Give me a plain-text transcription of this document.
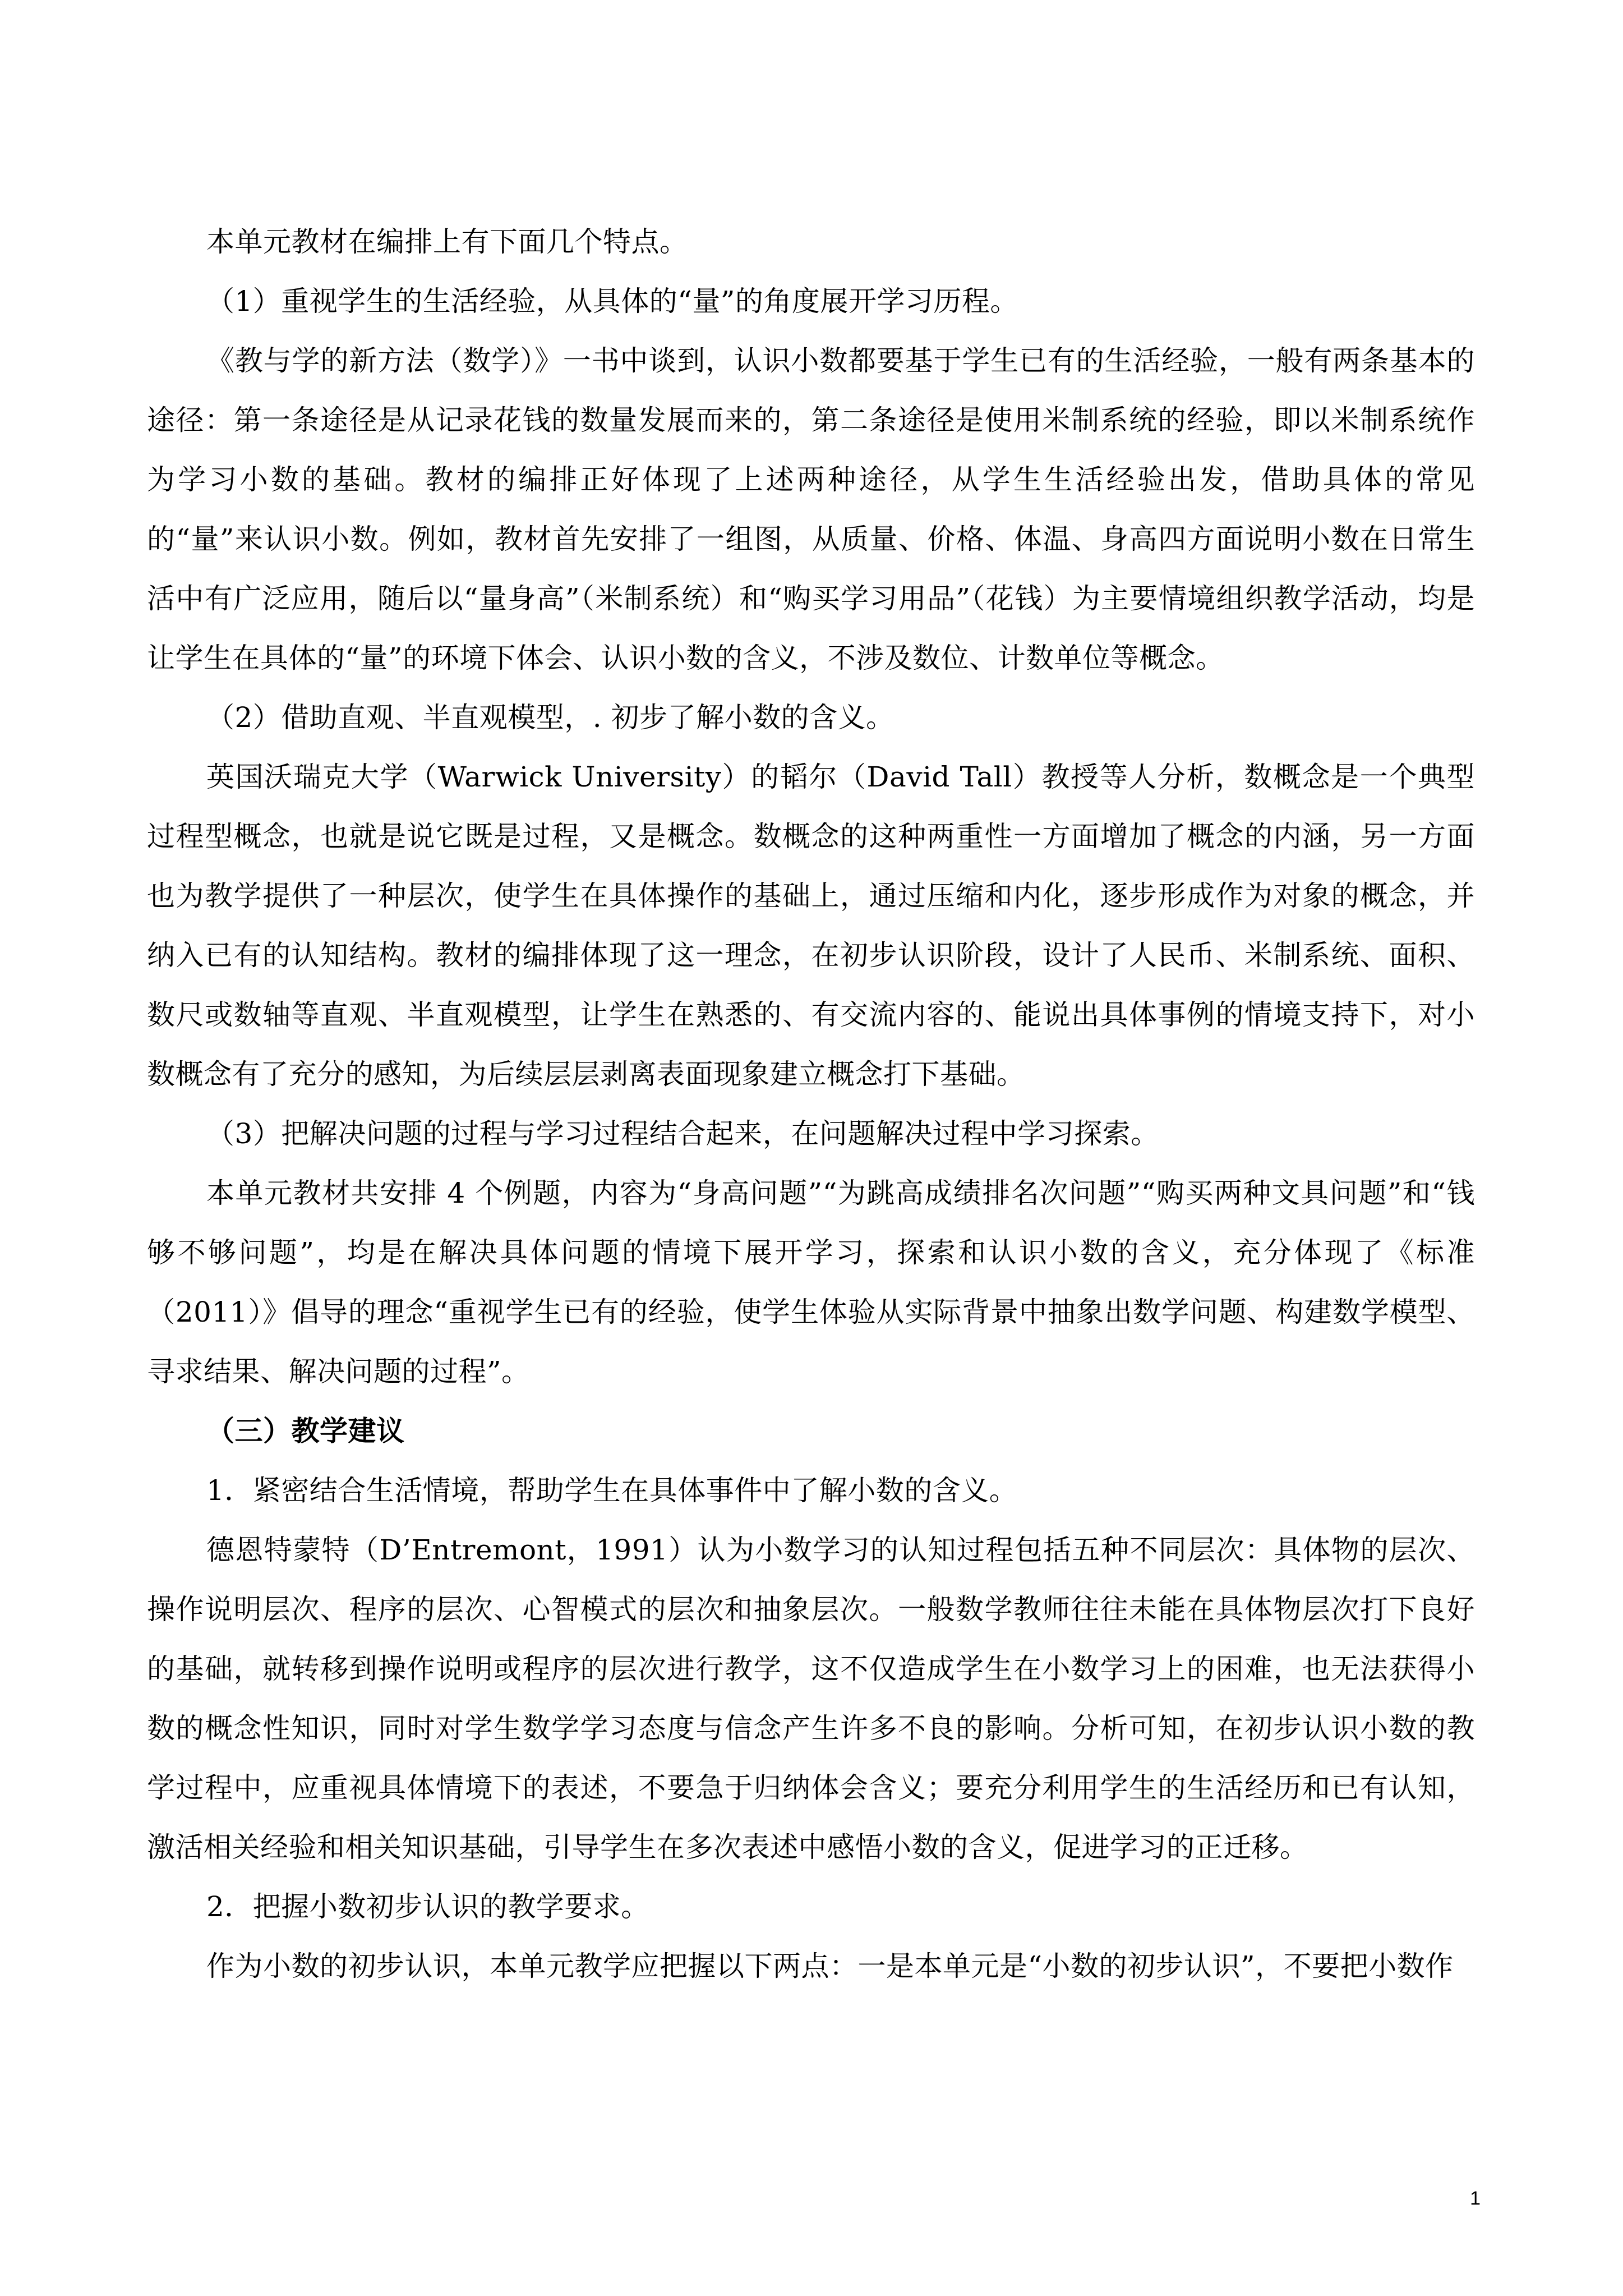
本单元教材在编排上有下面几个特点。

（1）重视学生的生活经验，从具体的“量”的角度展开学习历程。

《教与学的新方法（数学）》一书中谈到，认识小数都要基于学生已有的生活经验，一般有两条基本的途径：第一条途径是从记录花钱的数量发展而来的，第二条途径是使用米制系统的经验，即以米制系统作为学习小数的基础。教材的编排正好体现了上述两种途径，从学生生活经验出发，借助具体的常见的“量”来认识小数。例如，教材首先安排了一组图，从质量、价格、体温、身高四方面说明小数在日常生活中有广泛应用，随后以“量身高”（米制系统）和“购买学习用品”（花钱）为主要情境组织教学活动，均是让学生在具体的“量”的环境下体会、认识小数的含义，不涉及数位、计数单位等概念。

（2）借助直观、半直观模型，. 初步了解小数的含义。

英国沃瑞克大学（Warwick University）的韬尔（David Tall）教授等人分析，数概念是一个典型过程型概念，也就是说它既是过程，又是概念。数概念的这种两重性一方面增加了概念的内涵，另一方面也为教学提供了一种层次，使学生在具体操作的基础上，通过压缩和内化，逐步形成作为对象的概念，并纳入已有的认知结构。教材的编排体现了这一理念，在初步认识阶段，设计了人民币、米制系统、面积、数尺或数轴等直观、半直观模型，让学生在熟悉的、有交流内容的、能说出具体事例的情境支持下，对小数概念有了充分的感知，为后续层层剥离表面现象建立概念打下基础。

（3）把解决问题的过程与学习过程结合起来，在问题解决过程中学习探索。

本单元教材共安排 4 个例题，内容为“身高问题”“为跳高成绩排名次问题”“购买两种文具问题”和“钱够不够问题”，均是在解决具体问题的情境下展开学习，探索和认识小数的含义，充分体现了《标准（2011）》倡导的理念“重视学生已有的经验，使学生体验从实际背景中抽象出数学问题、构建数学模型、寻求结果、解决问题的过程”。

（三）教学建议

1．紧密结合生活情境，帮助学生在具体事件中了解小数的含义。

德恩特蒙特（D’Entremont，1991）认为小数学习的认知过程包括五种不同层次：具体物的层次、操作说明层次、程序的层次、心智模式的层次和抽象层次。一般数学教师往往未能在具体物层次打下良好的基础，就转移到操作说明或程序的层次进行教学，这不仅造成学生在小数学习上的困难，也无法获得小数的概念性知识，同时对学生数学学习态度与信念产生许多不良的影响。分析可知，在初步认识小数的教学过程中，应重视具体情境下的表述，不要急于归纳体会含义；要充分利用学生的生活经历和已有认知，激活相关经验和相关知识基础，引导学生在多次表述中感悟小数的含义，促进学习的正迁移。

2．把握小数初步认识的教学要求。

作为小数的初步认识，本单元教学应把握以下两点：一是本单元是“小数的初步认识”，不要把小数作

1
